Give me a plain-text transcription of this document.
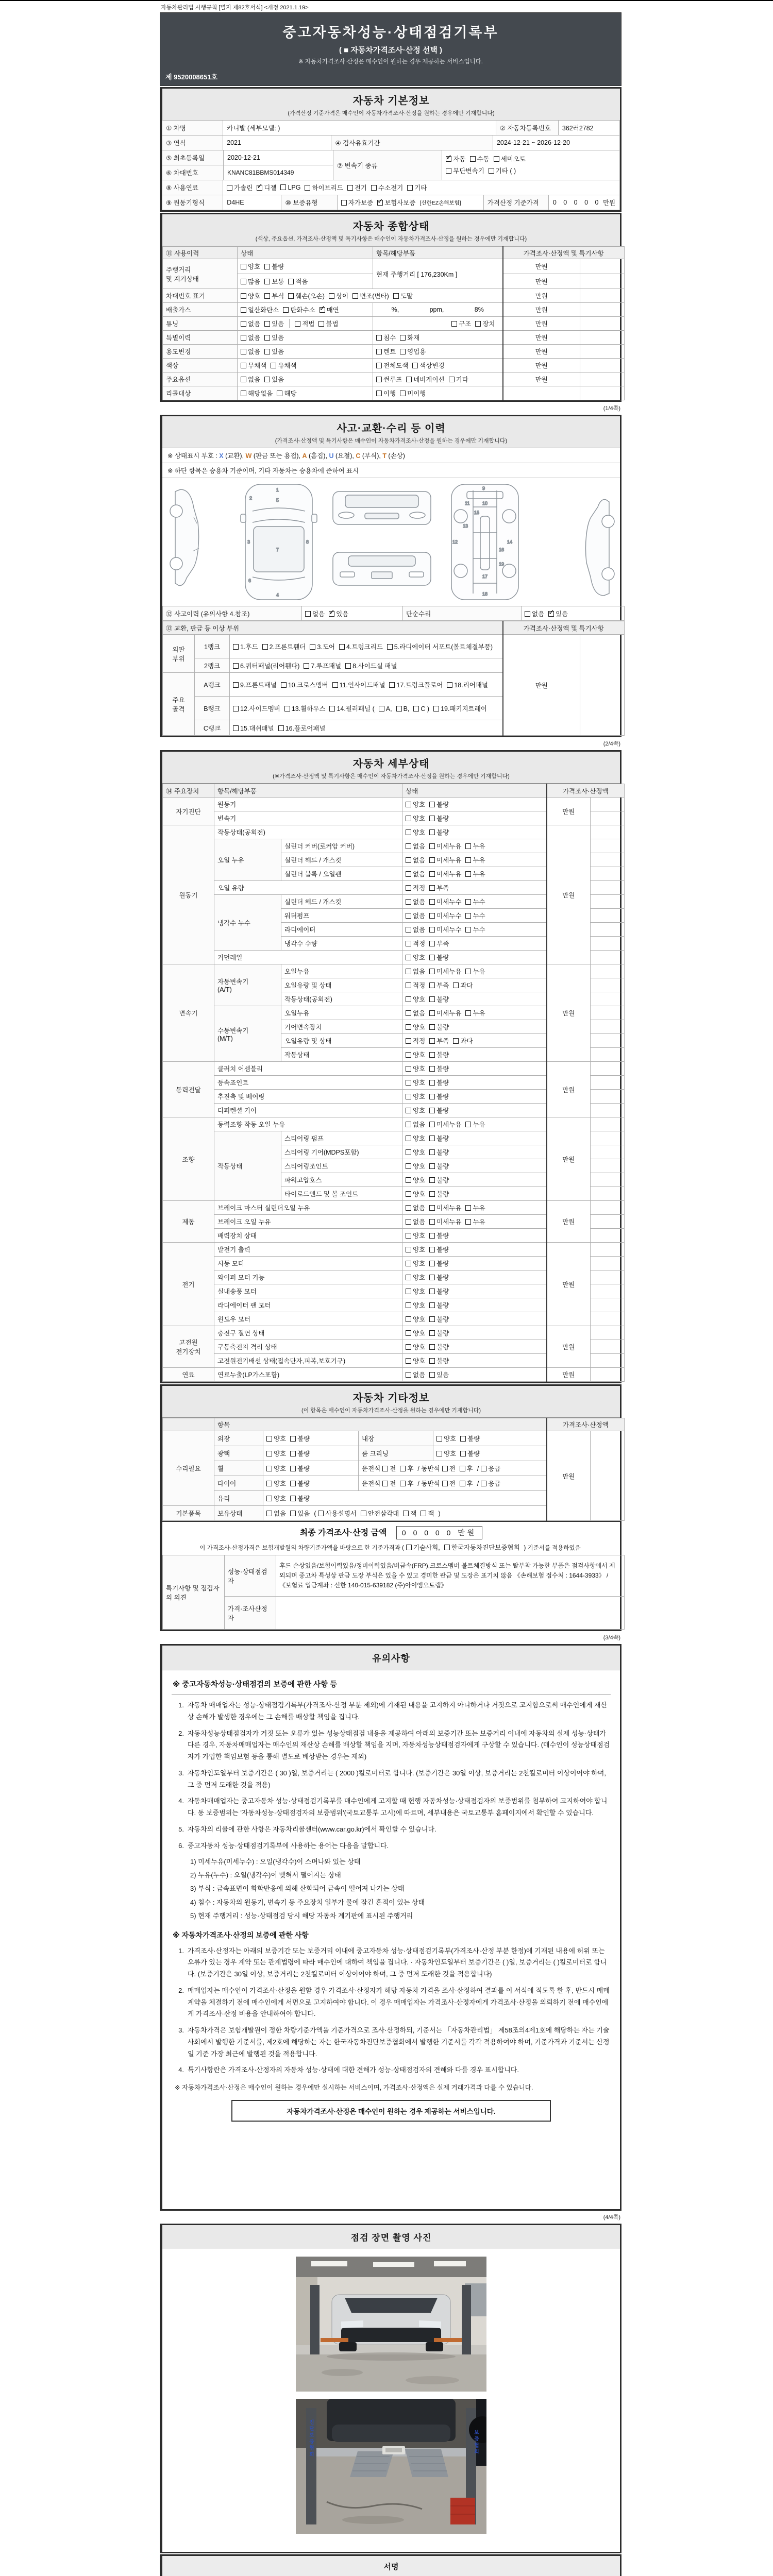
자동차관리법 시행규칙 [별지 제82호서식] <개정 2021.1.19>
중고자동차성능·상태점검기록부
( ■ 자동차가격조사·산정 선택 )
※ 자동차가격조사·산정은 매수인이 원하는 경우 제공하는 서비스입니다.
제 9520008651호
자동차 기본정보
(가격산정 기준가격은 매수인이 자동차가격조사·산정을 원하는 경우에만 기재합니다)
① 차명	카니발 (세부모델: )	② 자동차등록번호	362러2782
③ 연식	2021	④ 검사유효기간	2024-12-21 ~ 2026-12-20
⑤ 최초등록일	2020-12-21
⑥ 차대번호	KNANC81BBMS014349
⑦ 변속기 종류
✓자동 수동 세미오토
무단변속기 기타 ( )
⑧ 사용연료	가솔린 ✓	디젤	LPG	하이브리드	전기	수소전기	기타
⑨ 원동기형식	D4HE	⑩ 보증유형	자가보증 ✓ 보험사보증 [신한EZ손해보험]	가격산정 기준가격	0 0 0 0 0
만원
자동차 종합상태
(색상, 주요옵션, 가격조사·산정액 및 특기사항은 매수인이 자동차가격조사·산정을 원하는 경우에만 기재합니다)
⑪ 사용이력	상태	항목/해당부품	가격조사·산정액 및 특기사항	
주행거리
및 계기상태	양호 불량	현재 주행거리 [ 176,230Km ]	만원	
	많음 보통 적음		만원	
차대번호 표기	양호 부식 훼손(오손) 상이 변조(변타) 도말		만원	
배출가스	일산화탄소 탄화수소 ✓ 매연	%, ppm, 8%	만원	
튜닝	없음 있음 적법 불법	구조 장치	만원	
특별이력	없음 있음	침수 화재	만원	
용도변경	없음 있음	렌트 영업용	만원	
색상	무채색 유채색	전체도색 색상변경	만원	
주요옵션	없음 있음	썬루프 네비게이션 기타	만원	
리콜대상	해당없음 해당	이행 미이행		
(1/4쪽)
사고·교환·수리 등 이력
(가격조사·산정액 및 특기사항은 매수인이 자동차가격조사·산정을 원하는 경우에만 기재합니다)
※ 상태표시 부호 : X (교환), W (판금 또는 용접), A (흠집), U (요철), C (부식), T (손상)
※ 하단 항목은 승용차 기준이며, 기타 자동차는 승용차에 준하여 표시
1
2
3
4
5
6
7
8
9
10
11
12
13
14
15
16
17
18
19
⑫ 사고이력 (유의사항 4.참조)	없음 ✓ 있음	단순수리	없음 ✓ 있음
⑬ 교환, 판금 등 이상 부위			가격조사·산정액 및 특기사항	
외판
부위	1랭크	1.후드 2.프론트휀더 3.도어 4.트렁크리드 5.라디에이터 서포트(볼트체결부품)	만원	
	2랭크	6.쿼터패널(리어휀다) 7.루프패널 8.사이드실 패널		
주요
골격	A랭크	9.프론트패널 10.크로스멤버 11.인사이드패널 17.트렁크플로어 18.리어패널		
	B랭크	12.사이드멤버 13.휠하우스 14.필러패널 ( A, B, C ) 19.패키지트레이		
	C랭크	15.대쉬패널 16.플로어패널		
(2/4쪽)
자동차 세부상태
(※가격조사·산정액 및 특기사항은 매수인이 자동차가격조사·산정을 원하는 경우에만 기재합니다)
⑭ 주요장치	항목/해당부품		상태	가격조사·산정액	
자기진단	원동기		양호 불량	만원	
	변속기		양호 불량		
원동기	작동상태(공회전)		양호 불량	만원	
	오일 누유	실린더 커버(로커암 커버)	없음 미세누유 누유		
		실린더 헤드 / 개스킷	없음 미세누유 누유		
		실린더 블록 / 오일팬	없음 미세누유 누유		
	오일 유량		적정 부족		
	냉각수 누수	실린더 헤드 / 개스킷	없음 미세누수 누수		
		워터펌프	없음 미세누수 누수		
		라디에이터	없음 미세누수 누수		
		냉각수 수량	적정 부족		
	커먼레일		양호 불량		
변속기	자동변속기
(A/T)	오일누유	없음 미세누유 누유	만원	
		오일유량 및 상태	적정 부족 과다		
		작동상태(공회전)	양호 불량		
	수동변속기
(M/T)	오일누유	없음 미세누유 누유		
		기어변속장치	양호 불량		
		오일유량 및 상태	적정 부족 과다		
		작동상태	양호 불량		
동력전달	클러치 어셈블리		양호 불량	만원	
	등속죠인트		양호 불량		
	추진축 및 베어링		양호 불량		
	디퍼렌셜 기어		양호 불량		
조향	동력조향 작동 오일 누유		없음 미세누유 누유	만원	
	작동상태	스티어링 펌프	양호 불량		
		스티어링 기어(MDPS포함)	양호 불량		
		스티어링조인트	양호 불량		
		파워고압호스	양호 불량		
		타이로드엔드 및 볼 조인트	양호 불량		
제동	브레이크 마스터 실린더오일 누유		없음 미세누유 누유	만원	
	브레이크 오일 누유		없음 미세누유 누유		
	배력장치 상태		양호 불량		
전기	발전기 출력		양호 불량	만원	
	시동 모터		양호 불량		
	와이퍼 모터 기능		양호 불량		
	실내송풍 모터		양호 불량		
	라디에이터 팬 모터		양호 불량		
	윈도우 모터		양호 불량		
고전원
전기장치	충전구 절연 상태		양호 불량	만원	
	구동축전지 격리 상태		양호 불량		
	고전원전기배선 상태(접속단자,피복,보호기구)		양호 불량		
연료	연료누출(LP가스포함)		없음 있음	만원	
자동차 기타정보
(이 항목은 매수인이 자동차가격조사·산정을 원하는 경우에만 기재합니다)
	항목				가격조사·산정액	
수리필요	외장	양호 불량	내장	양호 불량	만원	
	광택	양호 불량	룸 크리닝	양호 불량		
	휠	양호 불량	운전석 전 후 / 동반석 전 후 / 응급			
	타이어	양호 불량	운전석 전 후 / 동반석 전 후 / 응급			
	유리	양호 불량				
기본품목	보유상태	없음 있음 ( 사용설명서 안전삼각대 잭 잭 )				
최종 가격조사·산정 금액 0 0 0 0 0 만원
이 가격조사·산정가격은 보험개발원의 차량기준가액을 바탕으로 한 기준가격과 ( 기술사회, 한국자동차진단보증협회 ) 기준서를 적용하였음
특기사항 및 점검자의 의견	성능·상태점검자	후드 손상있음/보험이력있음/정비이력있음/비금속(FRP),크로스멤버 볼트체결방식 또는 탈부착 가능한 부품은 점검사항에서 제외되며 중고차 특성상 판금 도장 부식은 있을 수 있고 경미한 판금 및 도장은 표기치 않음 《손해보험 접수처 : 1644-3933》 / 《보험료 입금계좌 : 신한 140-015-639182 (주)아이엠오토랩》
	가격·조사산정자	
(3/4쪽)
유의사항
※ 중고자동차성능·상태점검의 보증에 관한 사항 등
1. 자동차 매매업자는 성능·상태점검기록부(가격조사·산정 부분 제외)에 기재된 내용을 고지하지 아니하거나 거짓으로 고지함으로써 매수인에게 재산상 손해가 발생한 경우에는 그 손해를 배상할 책임을 집니다.
2. 자동차성능상태점검자가 거짓 또는 오류가 있는 성능상태점검 내용을 제공하여 아래의 보증기간 또는 보증거리 이내에 자동차의 실제 성능·상태가 다른 경우, 자동차매매업자는 매수인의 재산상 손해를 배상할 책임을 지며, 자동차성능상태점검자에게 구상할 수 있습니다. (매수인이 성능상태점검자가 가입한 책임보험 등을 통해 별도로 배상받는 경우는 제외)
3. 자동차인도일부터 보증기간은 ( 30 )일, 보증거리는 ( 2000 )킬로미터로 합니다. (보증기간은 30일 이상, 보증거리는 2천킬로미터 이상이어야 하며, 그 중 먼저 도래한 것을 적용)
4. 자동차매매업자는 중고자동차 성능·상태점검기록부를 매수인에게 고지할 때 현행 자동차성능·상태점검자의 보증범위를 첨부하여 고지하여야 합니다. 동 보증범위는 '자동차성능·상태점검자의 보증범위'(국토교통부 고시)에 따르며, 세부내용은 국토교통부 홈페이지에서 확인할 수 있습니다.
5. 자동차의 리콜에 관한 사항은 자동차리콜센터(www.car.go.kr)에서 확인할 수 있습니다.
6. 중고자동차 성능·상태점검기록부에 사용하는 용어는 다음을 말합니다.
1) 미세누유(미세누수) : 오일(냉각수)이 스며나와 있는 상태
2) 누유(누수) : 오일(냉각수)이 맺혀서 떨어지는 상태
3) 부식 : 금속표면이 화학반응에 의해 산화되어 금속이 떨어져 나가는 상태
4) 침수 : 자동차의 원동기, 변속기 등 주요장치 일부가 물에 잠긴 흔적이 있는 상태
5) 현재 주행거리 : 성능·상태점검 당시 해당 자동차 계기판에 표시된 주행거리
※ 자동차가격조사·산정의 보증에 관한 사항
1. 가격조사·산정자는 아래의 보증기간 또는 보증거리 이내에 중고자동차 성능·상태점검기록부(가격조사·산정 부분 한정)에 기재된 내용에 허위 또는 오류가 있는 경우 계약 또는 관계법령에 따라 매수인에 대하여 책임을 집니다. · 자동차인도일부터 보증기간은 ( )일, 보증거리는 ( )킬로미터로 합니다. (보증기간은 30일 이상, 보증거리는 2천킬로미터 이상이어야 하며, 그 중 먼저 도래한 것을 적용합니다)
2. 매매업자는 매수인이 가격조사·산정을 원할 경우 가격조사·산정자가 해당 자동차 가격을 조사·산정하여 결과를 이 서식에 적도록 한 후, 반드시 매매계약을 체결하기 전에 매수인에게 서면으로 고지하여야 합니다. 이 경우 매매업자는 가격조사·산정자에게 가격조사·산정을 의뢰하기 전에 매수인에게 가격조사·산정 비용을 안내하여야 합니다.
3. 자동차가격은 보험개발원이 정한 차량기준가액을 기준가격으로 조사·산정하되, 기준서는 「자동차관리법」 제58조의4제1호에 해당하는 자는 기술사회에서 발행한 기준서를, 제2호에 해당하는 자는 한국자동차진단보증협회에서 발행한 기준서를 각각 적용하여야 하며, 기준가격과 기준서는 산정일 기준 가장 최근에 발행된 것을 적용합니다.
4. 특기사항란은 가격조사·산정자의 자동차 성능·상태에 대한 견해가 성능·상태점검자의 견해와 다를 경우 표시합니다.
※ 자동차가격조사·산정은 매수인이 원하는 경우에만 실시하는 서비스이며, 가격조사·산정액은 실제 거래가격과 다를 수 있습니다.
자동차가격조사·산정은 매수인이 원하는 경우 제공하는 서비스입니다.
(4/4쪽)
점검 장면 촬영 사진
진단보증협회	보증협회
서명
